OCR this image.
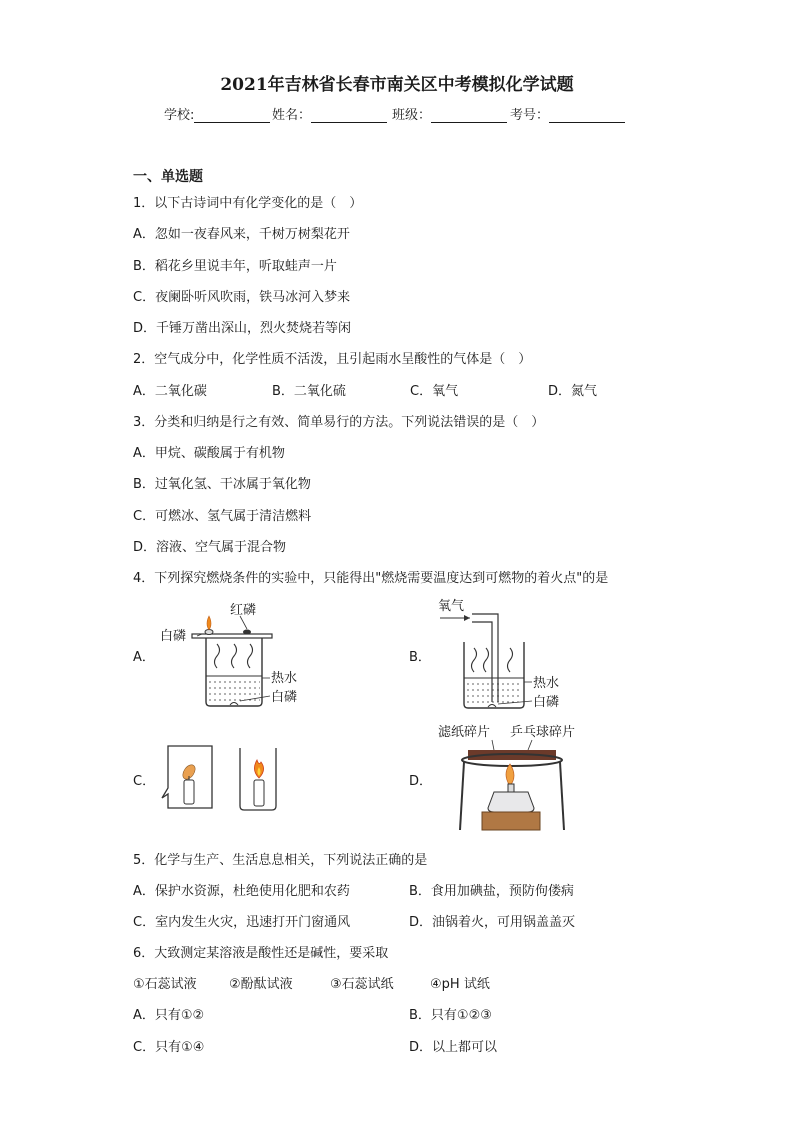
2021年吉林省长春市南关区中考模拟化学试题
学校:	姓名：	班级：	考号：
一、单选题
1．以下古诗词中有化学变化的是（　）
A．忽如一夜春风来，千树万树梨花开
B．稻花乡里说丰年，听取蛙声一片
C．夜阑卧听风吹雨，铁马冰河入梦来
D．千锤万凿出深山，烈火焚烧若等闲
2．空气成分中，化学性质不活泼，且引起雨水呈酸性的气体是（　）
A．二氧化碳	B．二氧化硫	C．氧气	D．氮气
3．分类和归纳是行之有效、简单易行的方法。下列说法错误的是（　）
A．甲烷、碳酸属于有机物
B．过氧化氢、干冰属于氧化物
C．可燃冰、氢气属于清洁燃料
D．溶液、空气属于混合物
4．下列探究燃烧条件的实验中，只能得出"燃烧需要温度达到可燃物的着火点"的是
A．
红磷
白磷
热水
白磷
B．
氧气
热水
白磷
C．	D．
滤纸碎片 乒乓球碎片
5．化学与生产、生活息息相关，下列说法正确的是
A．保护水资源，杜绝使用化肥和农药	B．食用加碘盐，预防佝偻病
C．室内发生火灾，迅速打开门窗通风	D．油锅着火，可用锅盖盖灭
6．大致测定某溶液是酸性还是碱性，要采取
①石蕊试液 ②酚酞试液	③石蕊试纸	④pH 试纸
A．只有①②	B．只有①②③
C．只有①④	D．以上都可以
